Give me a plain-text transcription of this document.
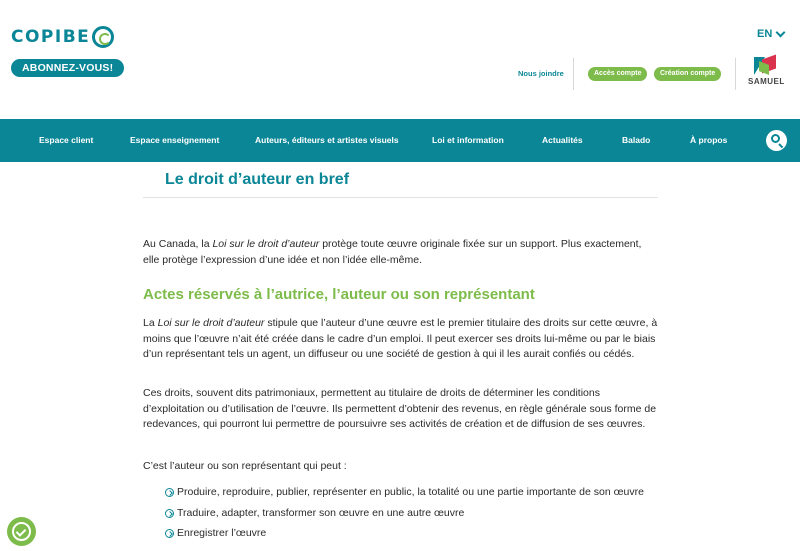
COPIBE
ABONNEZ-VOUS!
EN
Nous joindre	Accès compte	Création compte
SAMUEL
Espace client	Espace enseignement	Auteurs, éditeurs et artistes visuels	Loi et information	Actualités	Balado	À propos
Le droit d’auteur en bref

Au Canada, la Loi sur le droit d’auteur protège toute œuvre originale fixée sur un support. Plus exactement, elle protège l’expression d’une idée et non l’idée elle-même.

Actes réservés à l’autrice, l’auteur ou son représentant

La Loi sur le droit d’auteur stipule que l’auteur d’une œuvre est le premier titulaire des droits sur cette œuvre, à moins que l’œuvre n’ait été créée dans le cadre d’un emploi. Il peut exercer ses droits lui-même ou par le biais d’un représentant tels un agent, un diffuseur ou une société de gestion à qui il les aurait confiés ou cédés.

Ces droits, souvent dits patrimoniaux, permettent au titulaire de droits de déterminer les conditions d’exploitation ou d’utilisation de l’œuvre. Ils permettent d’obtenir des revenus, en règle générale sous forme de redevances, qui pourront lui permettre de poursuivre ses activités de création et de diffusion de ses œuvres.

C’est l’auteur ou son représentant qui peut :

Produire, reproduire, publier, représenter en public, la totalité ou une partie importante de son œuvre
Traduire, adapter, transformer son œuvre en une autre œuvre
Enregistrer l’œuvre
